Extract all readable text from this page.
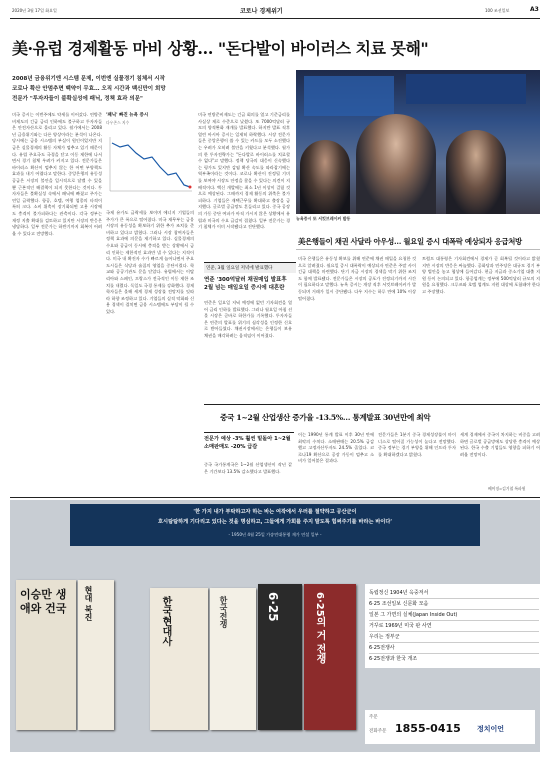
2020년 3월 17일 화요일	코로나 경제위기	100 조선일보	A3
美·유럽 경제활동 마비 상황… "돈다발이 바이러스 치료 못해"
2008년 금융위기엔 시스템 문제, 이번엔 실물경기 침체서 시작
코로나 확산 안멈추면 백약이 무효… 오직 시간과 백신만이 희망
전문가 "투자자들이 불확실성에 패닉, 정책 효과 의문"
미국 증시는 이번주에도 약세를 이어갔다. 연방준비제도의 긴급 금리 인하에도 불구하고 투자자들은 안전자산으로 몰리고 있다. 월가에서는 2008년 금융위기와는 다른 양상이라는 분석이 나온다. 당시에는 금융 시스템의 부실이 원인이었지만 지금은 실물경제의 활동 자체가 멈추고 있기 때문이다. 유럽 주요국도 국경을 닫고 이동 제한에 나서면서 경기 침체 우려가 커지고 있다. 전문가들은 바이러스 확산이 멈추지 않는 한 어떤 부양책도 효과를 내기 어렵다고 말한다. 중앙은행의 유동성 공급은 시장의 불안을 일시적으로 달랠 수 있을 뿐 근본적인 해결책이 되지 못한다는 것이다. 투자자들은 불확실성 속에서 패닉에 빠졌고 주가는 연일 급락했다. 항공, 호텔, 여행 업종의 타격이 특히 크다. 소비 위축이 장기화되면 고용 시장에도 충격이 불가피하다는 관측이다. 각국 정부는 재정 지출 확대를 검토하고 있지만 시장의 반응은 냉담하다. 일부 전문가는 하반기까지 회복이 어려울 수 있다고 전망했다.
'패닉' 빠진 뉴욕 증시
다우존스 지수
국제 유가도 급락세를 보이며 에너지 기업들의 주가가 큰 폭으로 떨어졌다. 미국 재무부는 금융시장의 유동성을 확보하기 위한 추가 조치를 준비하고 있다고 밝혔다. 그러나 시장 참여자들은 정책 효과에 의문을 제기하고 있다. 실물경제의 수요와 공급이 동시에 충격을 받는 상황에서 금리 인하는 제한적인 효과만 낼 수 있다는 지적이다. 미국 내 확진자 수가 빠르게 늘어나면서 주요 도시들은 식당과 술집의 영업을 중단시켰다. 학교와 공공기관도 문을 닫았다. 유럽에서는 이탈리아와 스페인, 프랑스가 전국적인 이동 제한 조치를 내렸다. 독일도 국경 통제를 강화했다. 경제학자들은 올해 세계 경제 성장률 전망치를 잇따라 하향 조정하고 있다. 기업들의 실적 악화와 신용 경색이 겹치면 금융 시스템에도 부담이 될 수 있다.
미국 연방준비제도는 긴급 회의를 열고 기준금리를 사실상 제로 수준으로 낮췄다. 또 7000억달러 규모의 양적완화 재개를 발표했다. 하지만 발표 직후 열린 아시아 증시는 일제히 하락했다. 시장 전문가들은 중앙은행이 쓸 수 있는 카드를 모두 소진했다는 우려가 오히려 불안을 키웠다고 분석했다. 월가의 한 투자전략가는 "돈다발로 바이러스를 치료할 수 없다"고 말했다. 정책 당국의 대응이 신속했다는 평가도 있지만 감염 확산 속도를 따라잡기에는 역부족이라는 것이다. 코로나 확산이 진정될 기미를 보여야 시장도 안정을 찾을 수 있다는 의견이 지배적이다. 백신 개발에는 최소 1년 이상이 걸릴 것으로 예상된다. 그때까지 경제 활동의 위축은 불가피하다. 기업들은 재택근무를 확대하고 출장을 금지했다. 글로벌 공급망도 흔들리고 있다. 중국 공장의 가동 중단 여파가 아직 가시지 않은 상황에서 유럽과 미국의 수요 급감이 겹쳤다. 일부 전문가는 경기 침체가 이미 시작됐다고 진단했다.
뉴욕증시 또 서킷브레이커 발동
美은행들이 채권 사달라 아우성… 월요일 증시 대폭락 예상되자 응급처방
연준, 3월 일요일 저녁에 발표했다
연준 '300억달러 채권매입 발표후 2월 넘는 매일요일 증시에 대혼란
연준은 일요일 저녁 예정에 없던 기자회견을 열어 금리 인하를 발표했다. 그러나 월요일 아침 선물 시장은 곧바로 하한가를 기록했다. 투자자들은 연준의 발표를 위기의 심각성을 인정한 신호로 받아들였다. 채권시장에서는 은행들이 보유 채권을 매각하려는 움직임이 이어졌다.
미국 은행들은 유동성 확보를 위해 연준에 채권 매입을 요청한 것으로 알려졌다. 월요일 증시 대폭락이 예상되자 연준은 주말 사이 긴급 대책을 마련했다. 단기 자금 시장의 경색을 막기 위한 조치도 함께 발표됐다. 전문가들은 시장의 공포가 진정되기까지 시간이 필요하다고 말했다. 뉴욕 증시는 개장 직후 서킷브레이커가 발동되며 거래가 일시 중단됐다. 다우 지수는 하루 만에 10% 이상 떨어졌다.
트럼프 대통령은 기자회견에서 경제가 곧 회복될 것이라고 밝혔지만 시장의 반응은 싸늘했다. 공화당과 민주당은 대규모 경기 부양 법안을 놓고 협상에 들어갔다. 현금 지급과 중소기업 대출 지원 등이 논의되고 있다. 항공업계는 정부에 500억달러 규모의 지원을 요청했다. 크루즈와 호텔 업계도 지원 대상에 포함돼야 한다고 주장했다.
중국 1~2월 산업생산 증가율 -13.5%… 통계발표 30년만에 최악
전문가 예상 -3% 훨씬 밑돌아 1~2월 소매판매도 -20% 급감
중국 국가통계국은 1~2월 산업생산이 작년 같은 기간보다 13.5% 감소했다고 발표했다.
이는 1990년 통계 발표 이후 30년 만에 최악의 수치다. 소매판매는 20.5% 급감했고 고정자산투자도 24.5% 줄었다. 코로나19 확산으로 공장 가동이 멈추고 소비가 얼어붙은 결과다.
전문가들은 1분기 중국 경제성장률이 마이너스로 떨어질 가능성이 높다고 전망했다. 중국 정부는 경기 부양을 위해 인프라 투자를 확대하겠다고 밝혔다.
세계 경제에서 중국이 차지하는 비중을 고려하면 글로벌 공급망에도 상당한 충격이 예상된다. 한국 수출 기업들도 영향을 피하기 어려울 전망이다.
베이징=김기철 특파원
'한 가지 내가 부탁하고자 하는 바는 여작에서 우러를 절약하고 공산군이
호시탐탐하게 기다리고 있다는 것을 명심하고, 그들에게 가회를 주지 말도록 힘써주기를 바라는 바이다'
- 1950년 4월 25일 가송민대통령 재가 연설 일부 -
이승만 생애와 건국	현대 북진	한국현대사	한국전쟁	6·25	6·25의 거 전쟁	독립정신 1904년 옥중저서
6·25 조선일보 신문화 모음
일본 그 가면의 실체(Japan Inside Out)
거꾸로 1969년 미국 판 사연
우리는 정부군
6·25전쟁사
6·25전쟁과 한국 개조
주문
전화주문 1855-0415 정치이언
